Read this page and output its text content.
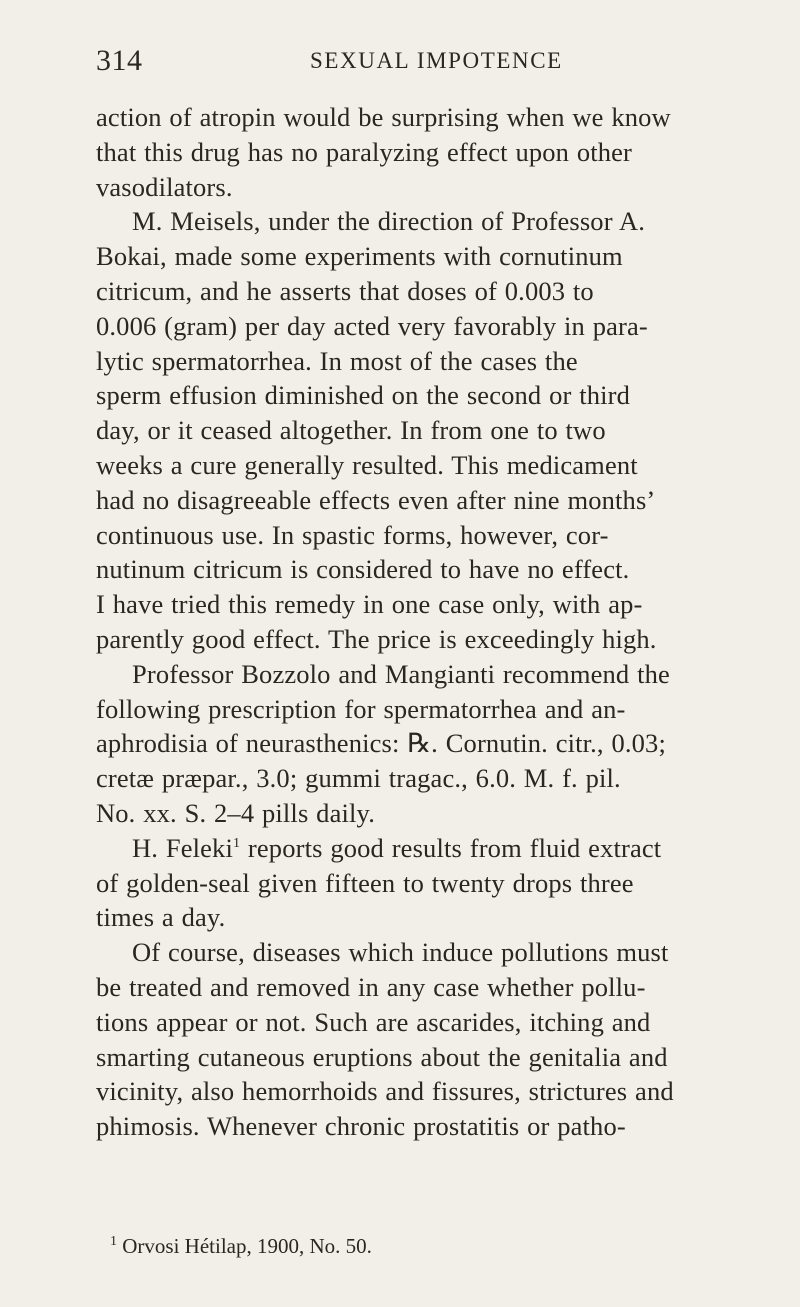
314	SEXUAL IMPOTENCE
action of atropin would be surprising when we know
that this drug has no paralyzing effect upon other
vasodilators.
M. Meisels, under the direction of Professor A.
Bokai, made some experiments with cornutinum
citricum, and he asserts that doses of 0.003 to
0.006 (gram) per day acted very favorably in para-
lytic spermatorrhea. In most of the cases the
sperm effusion diminished on the second or third
day, or it ceased altogether. In from one to two
weeks a cure generally resulted. This medicament
had no disagreeable effects even after nine months’
continuous use. In spastic forms, however, cor-
nutinum citricum is considered to have no effect.
I have tried this remedy in one case only, with ap-
parently good effect. The price is exceedingly high.
Professor Bozzolo and Mangianti recommend the
following prescription for spermatorrhea and an-
aphrodisia of neurasthenics: ℞. Cornutin. citr., 0.03;
cretæ præpar., 3.0; gummi tragac., 6.0. M. f. pil.
No. xx. S. 2–4 pills daily.
H. Feleki$^1$ reports good results from fluid extract
of golden-seal given fifteen to twenty drops three
times a day.
Of course, diseases which induce pollutions must
be treated and removed in any case whether pollu-
tions appear or not. Such are ascarides, itching and
smarting cutaneous eruptions about the genitalia and
vicinity, also hemorrhoids and fissures, strictures and
phimosis. Whenever chronic prostatitis or patho-
$^1$ Orvosi Hétilap, 1900, No. 50.
